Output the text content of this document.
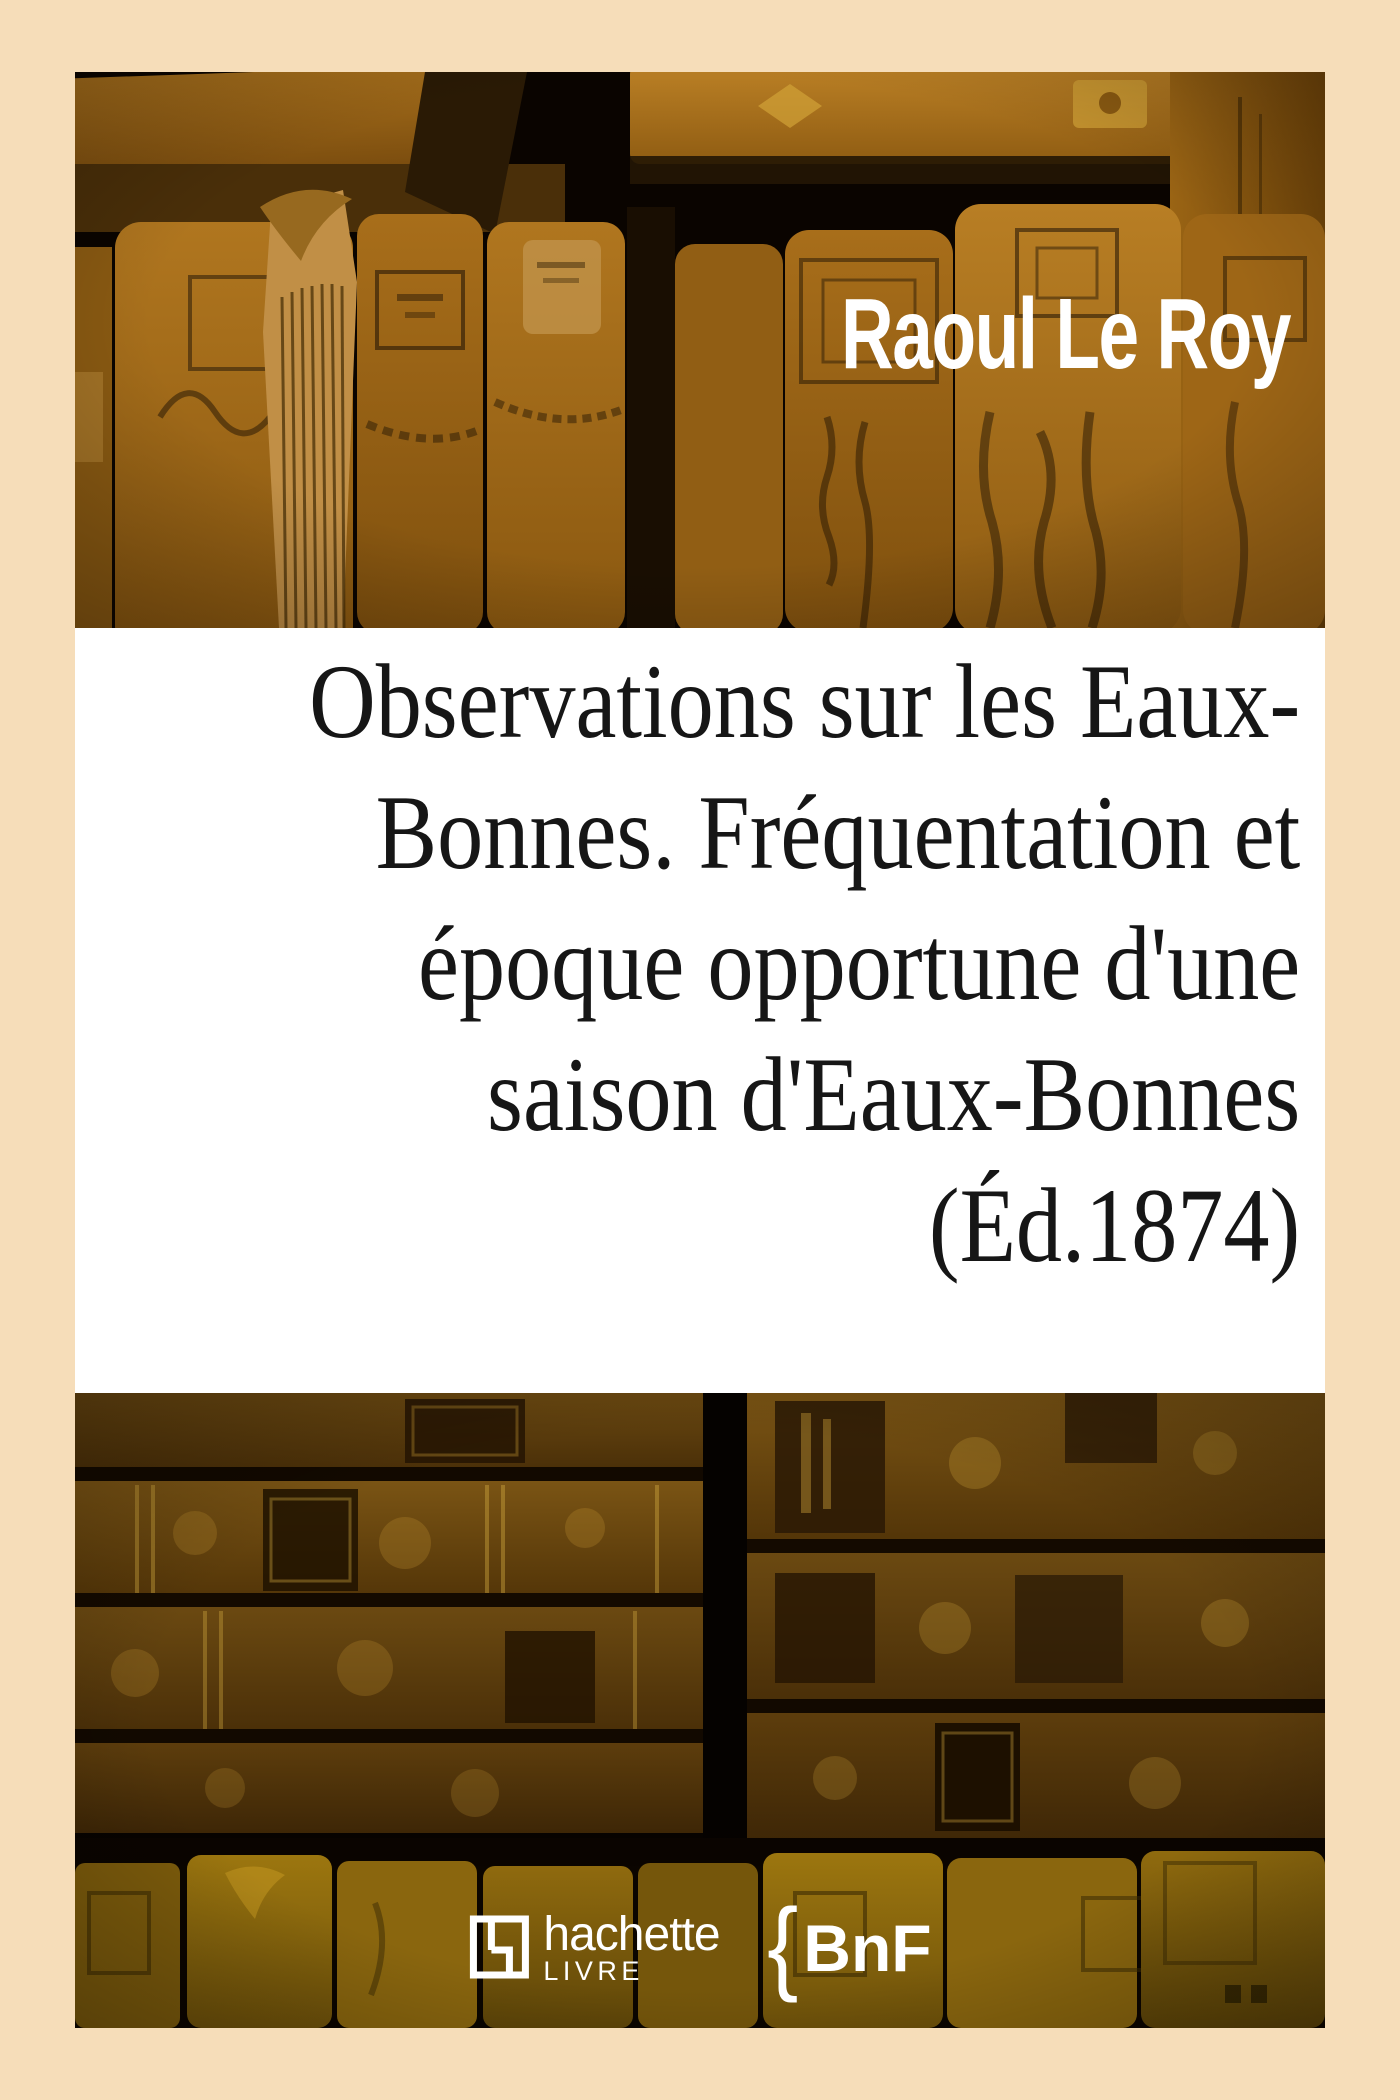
Raoul Le Roy
Observations sur les Eaux-
Bonnes. Fréquentation et
époque opportune d'une
saison d'Eaux-Bonnes
(Éd.1874)
hachette
LIVRE	{ BnF
